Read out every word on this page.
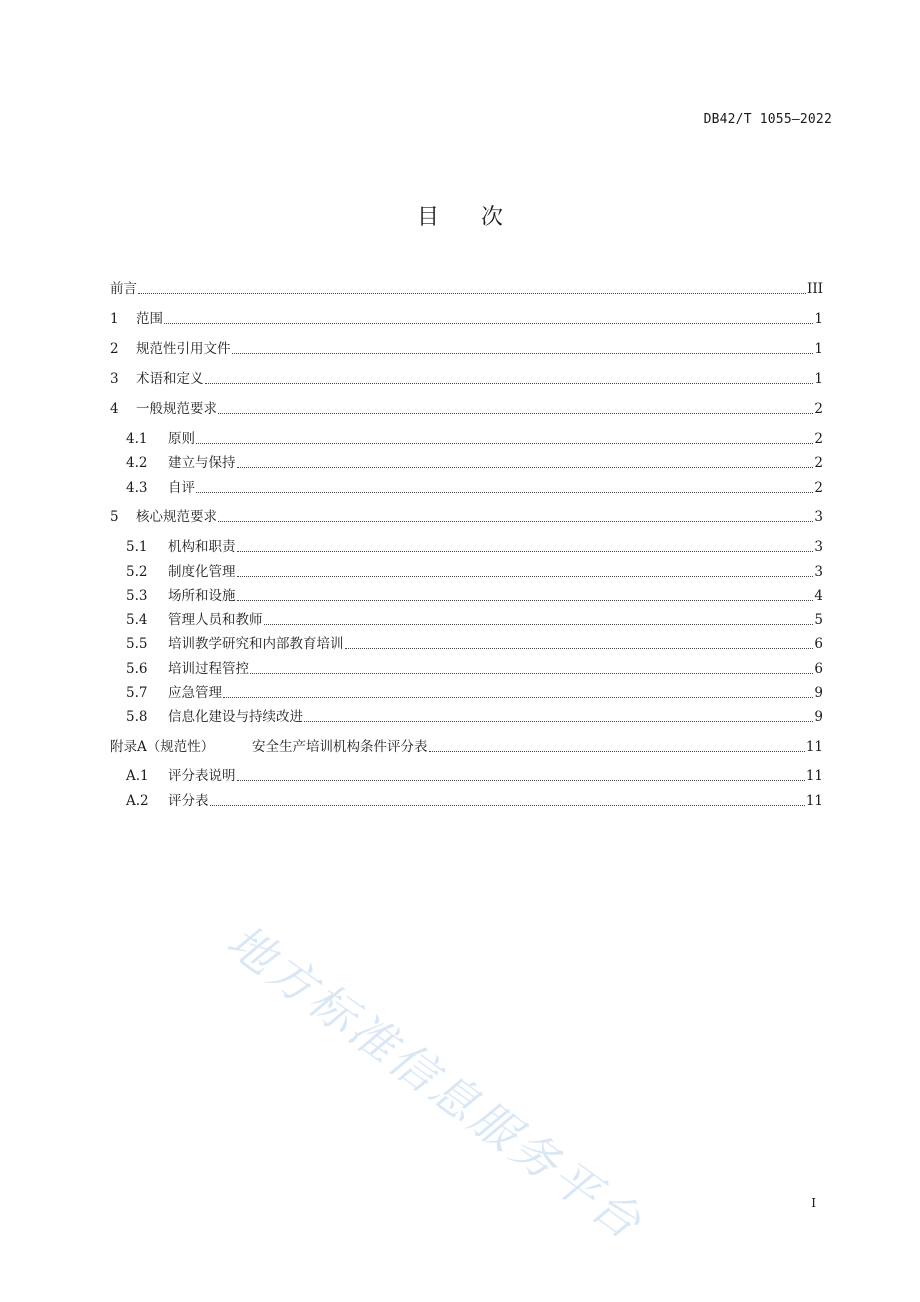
DB42/T 1055—2022
目 次
前言	III
1	范围	1
2	规范性引用文件	1
3	术语和定义	1
4	一般规范要求	2
4.1	原则	2
4.2	建立与保持	2
4.3	自评	2
5	核心规范要求	3
5.1	机构和职责	3
5.2	制度化管理	3
5.3	场所和设施	4
5.4	管理人员和教师	5
5.5	培训教学研究和内部教育培训	6
5.6	培训过程管控	6
5.7	应急管理	9
5.8	信息化建设与持续改进	9
附录A（规范性）	安全生产培训机构条件评分表	11
A.1	评分表说明	11
A.2	评分表	11
I
地方标准信息服务平台
